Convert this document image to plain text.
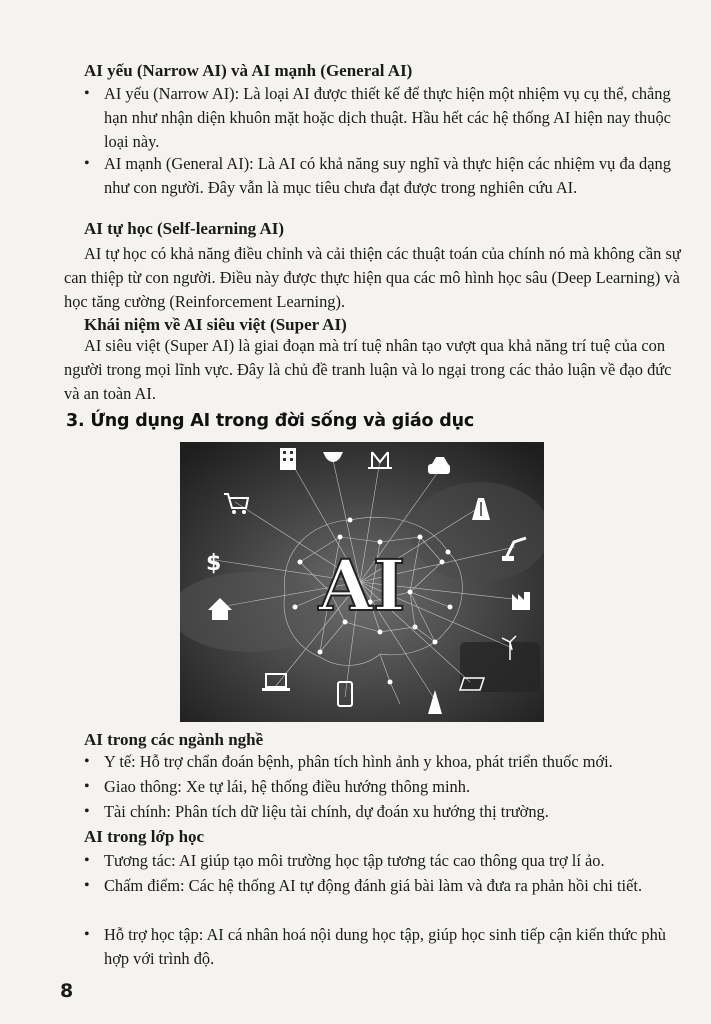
AI yếu (Narrow AI) và AI mạnh (General AI)
• AI yếu (Narrow AI): Là loại AI được thiết kế để thực hiện một nhiệm vụ cụ thể, chẳng hạn như nhận diện khuôn mặt hoặc dịch thuật. Hầu hết các hệ thống AI hiện nay thuộc loại này.
• AI mạnh (General AI): Là AI có khả năng suy nghĩ và thực hiện các nhiệm vụ đa dạng như con người. Đây vẫn là mục tiêu chưa đạt được trong nghiên cứu AI.
AI tự học (Self-learning AI)
AI tự học có khả năng điều chỉnh và cải thiện các thuật toán của chính nó mà không cần sự can thiệp từ con người. Điều này được thực hiện qua các mô hình học sâu (Deep Learning) và học tăng cường (Reinforcement Learning).
Khái niệm về AI siêu việt (Super AI)
AI siêu việt (Super AI) là giai đoạn mà trí tuệ nhân tạo vượt qua khả năng trí tuệ của con người trong mọi lĩnh vực. Đây là chủ đề tranh luận và lo ngại trong các thảo luận về đạo đức và an toàn AI.
3. Ứng dụng AI trong đời sống và giáo dục
$ AI
AI trong các ngành nghề
• Y tế: Hỗ trợ chẩn đoán bệnh, phân tích hình ảnh y khoa, phát triển thuốc mới.
• Giao thông: Xe tự lái, hệ thống điều hướng thông minh.
• Tài chính: Phân tích dữ liệu tài chính, dự đoán xu hướng thị trường.
AI trong lớp học
• Tương tác: AI giúp tạo môi trường học tập tương tác cao thông qua trợ lí ảo.
• Chấm điểm: Các hệ thống AI tự động đánh giá bài làm và đưa ra phản hồi chi tiết.
• Hỗ trợ học tập: AI cá nhân hoá nội dung học tập, giúp học sinh tiếp cận kiến thức phù hợp với trình độ.
8
